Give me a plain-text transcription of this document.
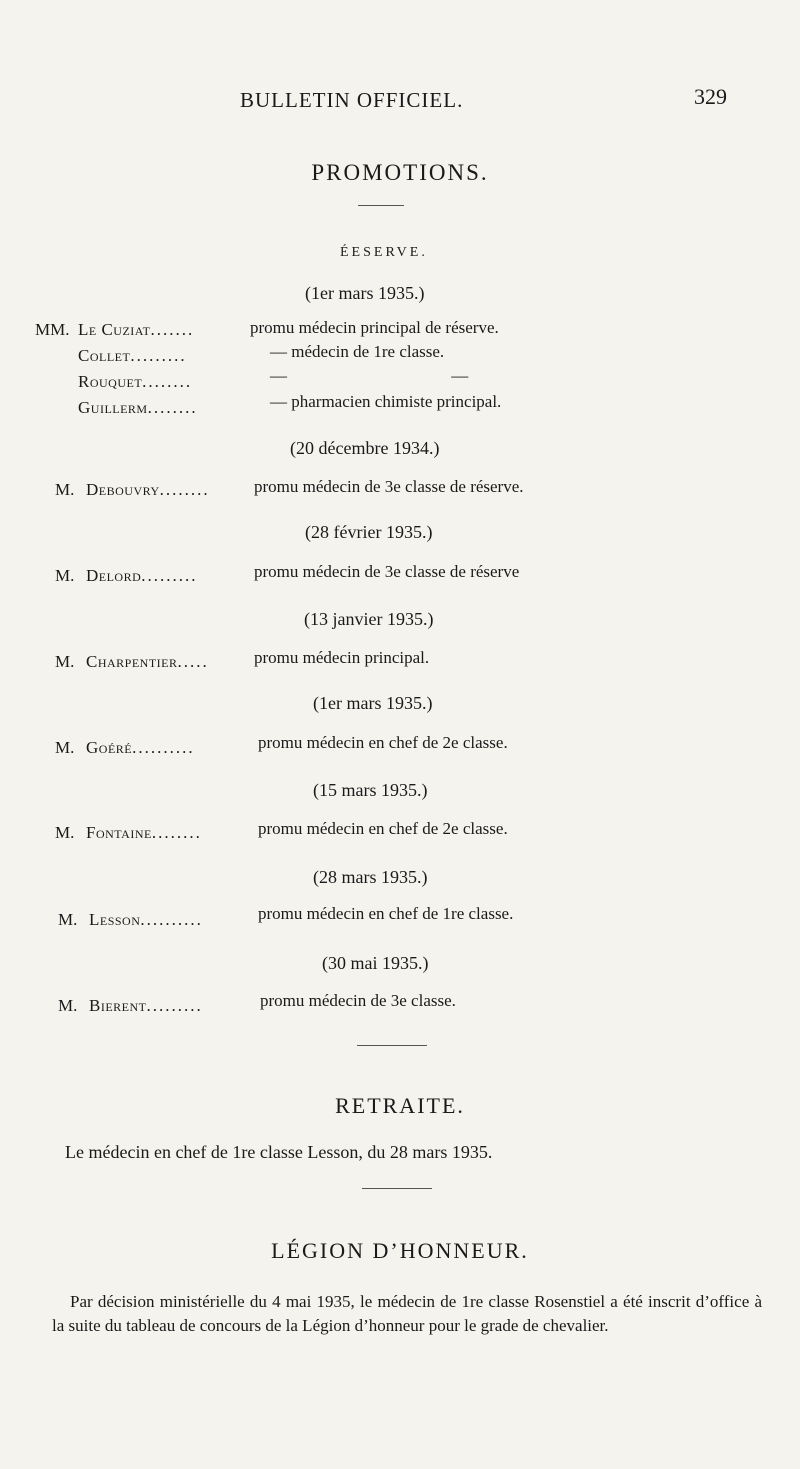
BULLETIN OFFICIEL.	329
PROMOTIONS.
ÉESERVE.
(1er mars 1935.)
MM. Le Cuziat.......	promu médecin principal de réserve.
Collet.........	— médecin de 1re classe.
Rouquet........	— —
Guillerm........	— pharmacien chimiste principal.
(20 décembre 1934.)
M. Debouvry........	promu médecin de 3e classe de réserve.
(28 février 1935.)
M. Delord.........	promu médecin de 3e classe de réserve
(13 janvier 1935.)
M. Charpentier.....	promu médecin principal.
(1er mars 1935.)
M. Goéré..........	promu médecin en chef de 2e classe.
(15 mars 1935.)
M. Fontaine........	promu médecin en chef de 2e classe.
(28 mars 1935.)
M. Lesson..........	promu médecin en chef de 1re classe.
(30 mai 1935.)
M. Bierent.........	promu médecin de 3e classe.
RETRAITE.
Le médecin en chef de 1re classe Lesson, du 28 mars 1935.
LÉGION D’HONNEUR.
Par décision ministérielle du 4 mai 1935, le médecin de 1re classe Rosenstiel a été inscrit d’office à la suite du tableau de concours de la Légion d’honneur pour le grade de chevalier.
